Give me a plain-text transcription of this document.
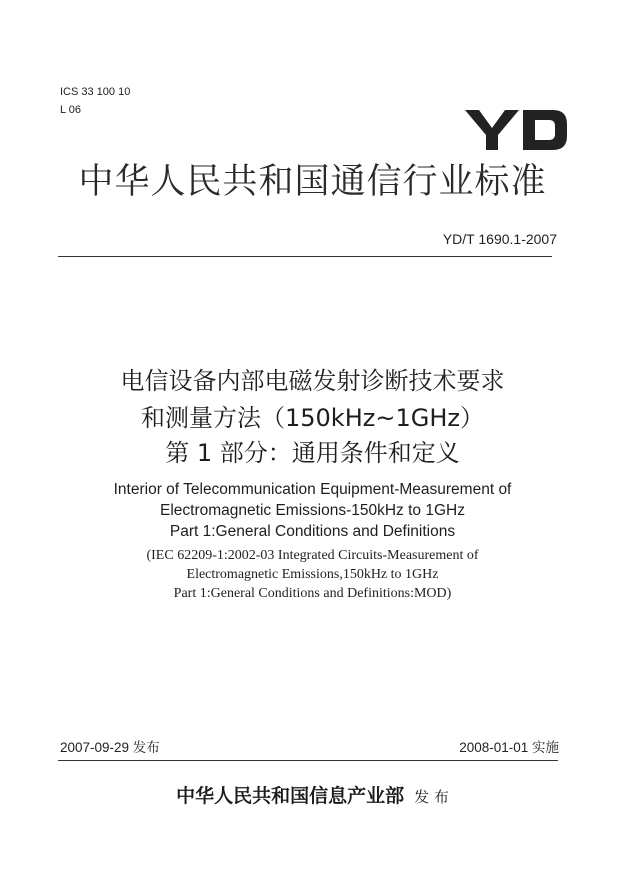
ICS 33 100 10
L 06
中华人民共和国通信行业标准
YD/T 1690.1-2007
电信设备内部电磁发射诊断技术要求
和测量方法（150kHz~1GHz）
第 1 部分：通用条件和定义
Interior of Telecommunication Equipment-Measurement of
Electromagnetic Emissions-150kHz to 1GHz
Part 1:General Conditions and Definitions
(IEC 62209-1:2002-03 Integrated Circuits-Measurement of
Electromagnetic Emissions,150kHz to 1GHz
Part 1:General Conditions and Definitions:MOD)
2007-09-29 发布	2008-01-01 实施
中华人民共和国信息产业部 发 布
